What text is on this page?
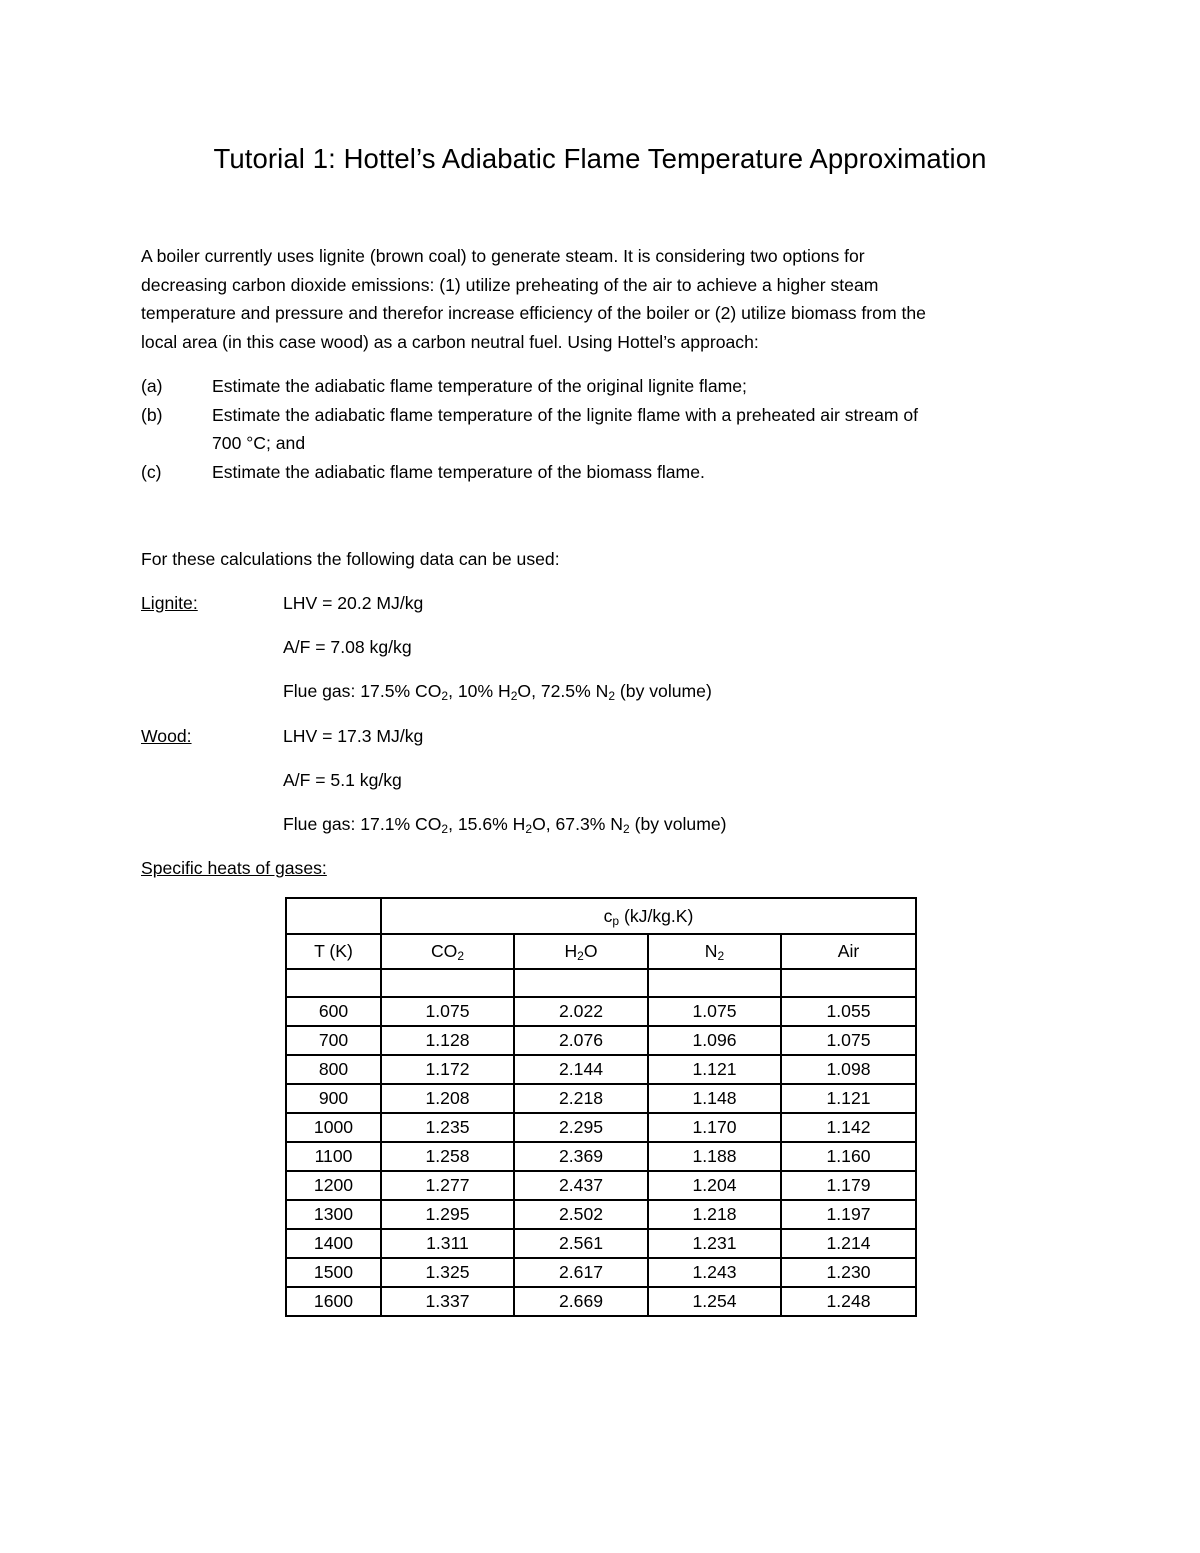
Tutorial 1: Hottel’s Adiabatic Flame Temperature Approximation

A boiler currently uses lignite (brown coal) to generate steam. It is considering two options for

decreasing carbon dioxide emissions: (1) utilize preheating of the air to achieve a higher steam

temperature and pressure and therefor increase efficiency of the boiler or (2) utilize biomass from the

local area (in this case wood) as a carbon neutral fuel. Using Hottel’s approach:

(a)	Estimate the adiabatic flame temperature of the original lignite flame;
(b)	Estimate the adiabatic flame temperature of the lignite flame with a preheated air stream of
700 °C; and
(c)	Estimate the adiabatic flame temperature of the biomass flame.
For these calculations the following data can be used:
Lignite:	LHV = 20.2 MJ/kg
A/F = 7.08 kg/kg
Flue gas: 17.5% $CO_2$, 10% $H_2O$, 72.5% $N_2$ (by volume)
Wood:	LHV = 17.3 MJ/kg
A/F = 5.1 kg/kg
Flue gas: 17.1% $CO_2$, 15.6% $H_2O$, 67.3% $N_2$ (by volume)
Specific heats of gases:
	$c_p$ (kJ/kg.K)			
T (K)	$CO_2$	$H_2O$	$N_2$	Air

600	1.075	2.022	1.075	1.055
700	1.128	2.076	1.096	1.075
800	1.172	2.144	1.121	1.098
900	1.208	2.218	1.148	1.121
1000	1.235	2.295	1.170	1.142
1100	1.258	2.369	1.188	1.160
1200	1.277	2.437	1.204	1.179
1300	1.295	2.502	1.218	1.197
1400	1.311	2.561	1.231	1.214
1500	1.325	2.617	1.243	1.230
1600	1.337	2.669	1.254	1.248
